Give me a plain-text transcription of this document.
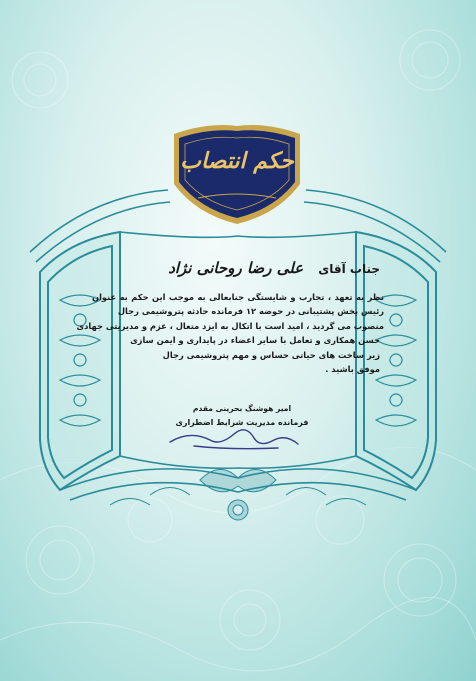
حکم انتصاب
جناب آقای علی رضا روحانی نژاد
نظر به تعهد ، تجارب و شایستگی جنابعالی به موجب این حکم به عنوان
رئیس بخش پشتیبانی در حوضه ۱۲ فرمانده حادثه پتروشیمی رجال
منصوب می گردید ، امید است با اتکال به ایزد متعال ، عزم و مدیریتی جهادی
حسن همکاری و تعامل با سایر اعضاء در پایداری و ایمن سازی
زیر ساخت های حیاتی حساس و مهم پتروشیمی رجال
موفق باشید .
امیر هوشنگ بحرینی مقدم
فرمانده مدیریت شرایط اضطراری
